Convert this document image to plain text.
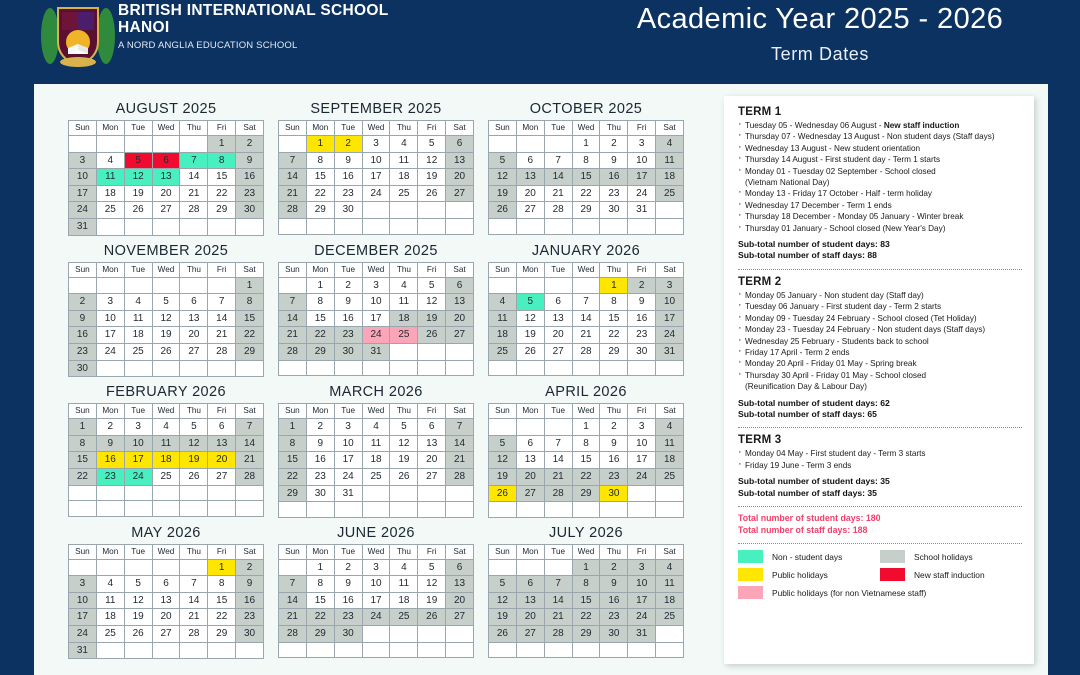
BRITISH INTERNATIONAL SCHOOL
HANOI
A NORD ANGLIA EDUCATION SCHOOL
Academic Year 2025 - 2026
Term Dates
AUGUST 2025
Sun	Mon	Tue	Wed	Thu	Fri	Sat
					1	2
3	4	5	6	7	8	9
10	11	12	13	14	15	16
17	18	19	20	21	22	23
24	25	26	27	28	29	30
31						
SEPTEMBER 2025
Sun	Mon	Tue	Wed	Thu	Fri	Sat
	1	2	3	4	5	6
7	8	9	10	11	12	13
14	15	16	17	18	19	20
21	22	23	24	25	26	27
28	29	30				

OCTOBER 2025
Sun	Mon	Tue	Wed	Thu	Fri	Sat
			1	2	3	4
5	6	7	8	9	10	11
12	13	14	15	16	17	18
19	20	21	22	23	24	25
26	27	28	29	30	31	

NOVEMBER 2025
Sun	Mon	Tue	Wed	Thu	Fri	Sat
						1
2	3	4	5	6	7	8
9	10	11	12	13	14	15
16	17	18	19	20	21	22
23	24	25	26	27	28	29
30						
DECEMBER 2025
Sun	Mon	Tue	Wed	Thu	Fri	Sat
	1	2	3	4	5	6
7	8	9	10	11	12	13
14	15	16	17	18	19	20
21	22	23	24	25	26	27
28	29	30	31			

JANUARY 2026
Sun	Mon	Tue	Wed	Thu	Fri	Sat
				1	2	3
4	5	6	7	8	9	10
11	12	13	14	15	16	17
18	19	20	21	22	23	24
25	26	27	28	29	30	31

FEBRUARY 2026
Sun	Mon	Tue	Wed	Thu	Fri	Sat
1	2	3	4	5	6	7
8	9	10	11	12	13	14
15	16	17	18	19	20	21
22	23	24	25	26	27	28

MARCH 2026
Sun	Mon	Tue	Wed	Thu	Fri	Sat
1	2	3	4	5	6	7
8	9	10	11	12	13	14
15	16	17	18	19	20	21
22	23	24	25	26	27	28
29	30	31				

APRIL 2026
Sun	Mon	Tue	Wed	Thu	Fri	Sat
			1	2	3	4
5	6	7	8	9	10	11
12	13	14	15	16	17	18
19	20	21	22	23	24	25
26	27	28	29	30		

MAY 2026
Sun	Mon	Tue	Wed	Thu	Fri	Sat
					1	2
3	4	5	6	7	8	9
10	11	12	13	14	15	16
17	18	19	20	21	22	23
24	25	26	27	28	29	30
31						
JUNE 2026
Sun	Mon	Tue	Wed	Thu	Fri	Sat
	1	2	3	4	5	6
7	8	9	10	11	12	13
14	15	16	17	18	19	20
21	22	23	24	25	26	27
28	29	30				

JULY 2026
Sun	Mon	Tue	Wed	Thu	Fri	Sat
			1	2	3	4
5	6	7	8	9	10	11
12	13	14	15	16	17	18
19	20	21	22	23	24	25
26	27	28	29	30	31	

TERM 1
· Tuesday 05 - Wednesday 06 August - New staff induction
· Thursday 07 - Wednesday 13 August - Non student days (Staff days)
· Wednesday 13 August - New student orientation
· Thursday 14 August - First student day - Term 1 starts
· Monday 01 - Tuesday 02 September - School closed
(Vietnam National Day)
· Monday 13 - Friday 17 October - Half - term holiday
· Wednesday 17 December - Term 1 ends
· Thursday 18 December - Monday 05 January - Winter break
· Thursday 01 January - School closed (New Year's Day)
Sub-total number of student days: 83
Sub-total number of staff days: 88
TERM 2
· Monday 05 January - Non student day (Staff day)
· Tuesday 06 January - First student day - Term 2 starts
· Monday 09 - Tuesday 24 February - School closed (Tet Holiday)
· Monday 23 - Tuesday 24 February - Non student days (Staff days)
· Wednesday 25 February - Students back to school
· Friday 17 April - Term 2 ends
· Monday 20 April - Friday 01 May - Spring break
· Thursday 30 April - Friday 01 May - School closed
(Reunification Day & Labour Day)
Sub-total number of student days: 62
Sub-total number of staff days: 65
TERM 3
· Monday 04 May - First student day - Term 3 starts
· Friday 19 June - Term 3 ends
Sub-total number of student days: 35
Sub-total number of staff days: 35
Total number of student days: 180
Total number of staff days: 188
Non - student days	School holidays
Public holidays	New staff induction
Public holidays (for non Vietnamese staff)
